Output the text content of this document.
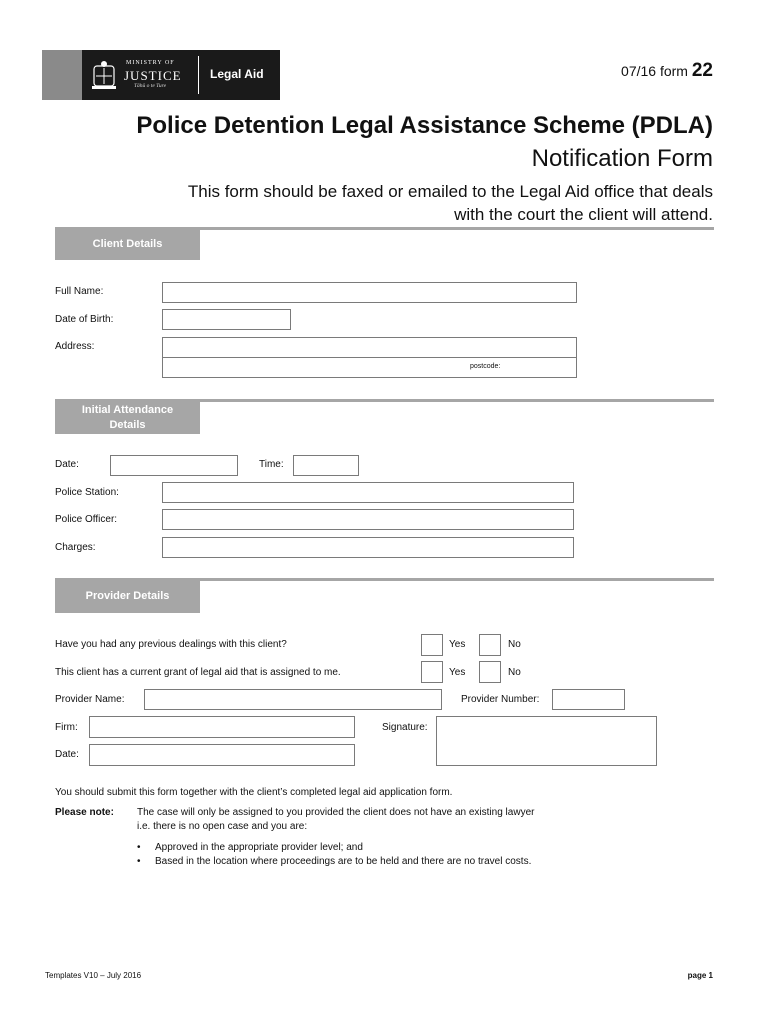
MINISTRY OF
JUSTICE
Tāhū o te Ture
Legal Aid	07/16 form 22
Police Detention Legal Assistance Scheme (PDLA)
Notification Form
This form should be faxed or emailed to the Legal Aid office that deals
with the court the client will attend.
Client Details
Full Name:
Date of Birth:
Address:
postcode:
Initial Attendance
Details
Date:	Time:
Police Station:
Police Officer:
Charges:
Provider Details
Have you had any previous dealings with this client?	Yes	No
This client has a current grant of legal aid that is assigned to me.	Yes	No
Provider Name:	Provider Number:
Firm:	Signature:
Date:
You should submit this form together with the client’s completed legal aid application form.
Please note: The case will only be assigned to you provided the client does not have an existing lawyer
i.e. there is no open case and you are:
• Approved in the appropriate provider level; and
• Based in the location where proceedings are to be held and there are no travel costs.
Templates V10 – July 2016	page 1
